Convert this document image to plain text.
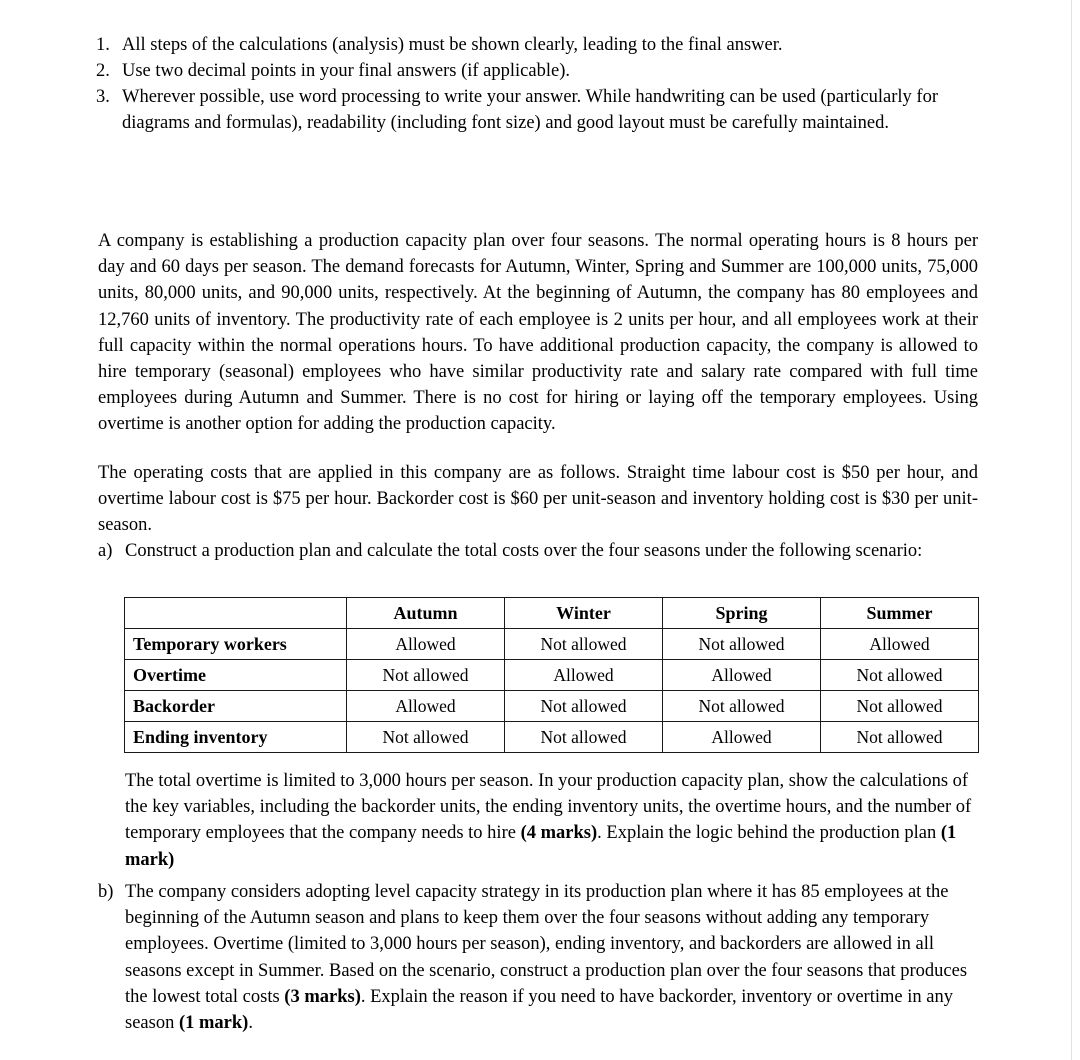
1. All steps of the calculations (analysis) must be shown clearly, leading to the final answer.
2. Use two decimal points in your final answers (if applicable).
3. Wherever possible, use word processing to write your answer. While handwriting can be used (particularly for diagrams and formulas), readability (including font size) and good layout must be carefully maintained.
A company is establishing a production capacity plan over four seasons. The normal operating hours is 8 hours per day and 60 days per season. The demand forecasts for Autumn, Winter, Spring and Summer are 100,000 units, 75,000 units, 80,000 units, and 90,000 units, respectively. At the beginning of Autumn, the company has 80 employees and 12,760 units of inventory. The productivity rate of each employee is 2 units per hour, and all employees work at their full capacity within the normal operations hours. To have additional production capacity, the company is allowed to hire temporary (seasonal) employees who have similar productivity rate and salary rate compared with full time employees during Autumn and Summer. There is no cost for hiring or laying off the temporary employees. Using overtime is another option for adding the production capacity.
The operating costs that are applied in this company are as follows. Straight time labour cost is $50 per hour, and overtime labour cost is $75 per hour. Backorder cost is $60 per unit-season and inventory holding cost is $30 per unit-season.
a) Construct a production plan and calculate the total costs over the four seasons under the following scenario:
	Autumn	Winter	Spring	Summer
Temporary workers	Allowed	Not allowed	Not allowed	Allowed
Overtime	Not allowed	Allowed	Allowed	Not allowed
Backorder	Allowed	Not allowed	Not allowed	Not allowed
Ending inventory	Not allowed	Not allowed	Allowed	Not allowed
The total overtime is limited to 3,000 hours per season. In your production capacity plan, show the calculations of the key variables, including the backorder units, the ending inventory units, the overtime hours, and the number of temporary employees that the company needs to hire (4 marks). Explain the logic behind the production plan (1 mark)
b) The company considers adopting level capacity strategy in its production plan where it has 85 employees at the beginning of the Autumn season and plans to keep them over the four seasons without adding any temporary employees. Overtime (limited to 3,000 hours per season), ending inventory, and backorders are allowed in all seasons except in Summer. Based on the scenario, construct a production plan over the four seasons that produces the lowest total costs (3 marks). Explain the reason if you need to have backorder, inventory or overtime in any season (1 mark).
